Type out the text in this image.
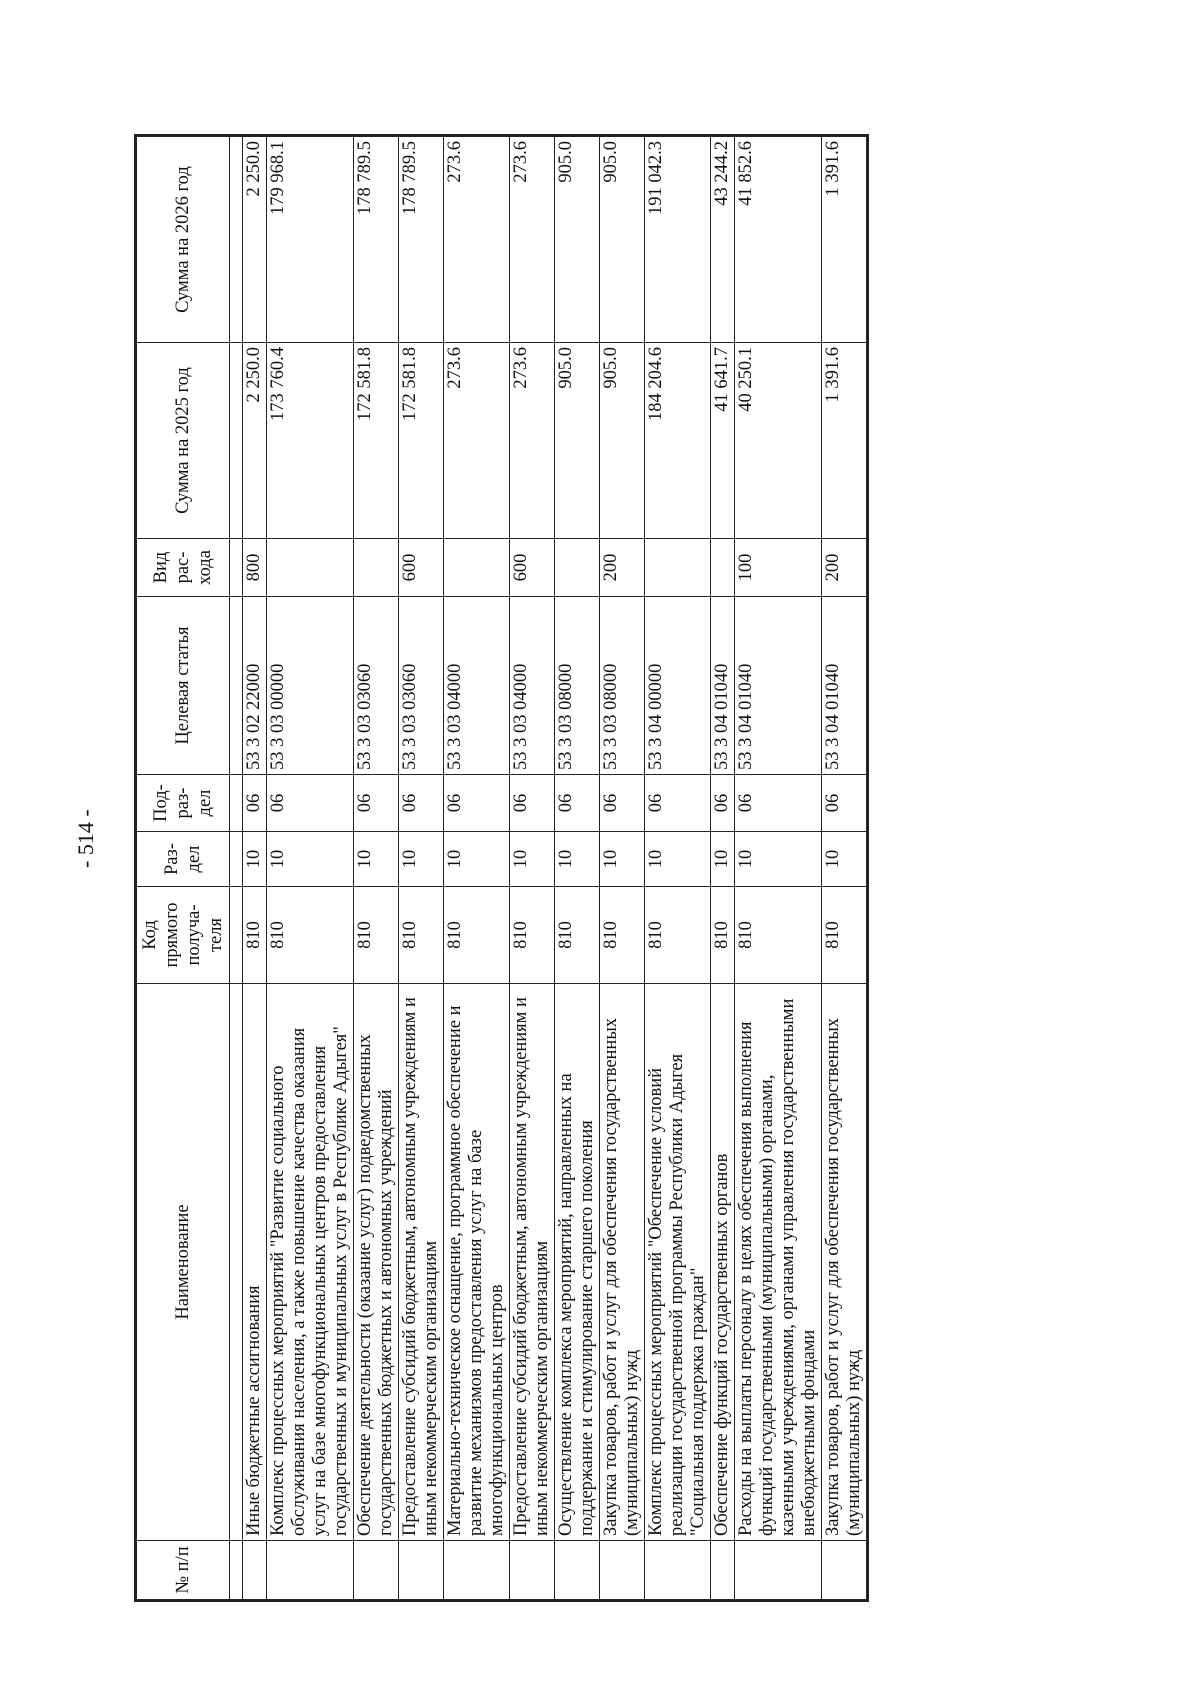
- 514 -
№ п/п	Наименование	Код прямого получа-теля	Раз-дел	Под-раз-дел	Целевая статья	Вид рас-хода	Сумма на 2025 год	Сумма на 2026 год

	Иные бюджетные ассигнования	810	10	06	53 3 02 22000	800	2 250.0	2 250.0
	Комплекс процессных мероприятий "Развитие социального обслуживания населения, а также повышение качества оказания услуг на базе многофункциональных центров предоставления государственных и муниципальных услуг в Республике Адыгея"	810	10	06	53 3 03 00000		173 760.4	179 968.1
	Обеспечение деятельности (оказание услуг) подведомственных государственных бюджетных и автономных учреждений	810	10	06	53 3 03 03060		172 581.8	178 789.5
	Предоставление субсидий бюджетным, автономным учреждениям и иным некоммерческим организациям	810	10	06	53 3 03 03060	600	172 581.8	178 789.5
	Материально-техническое оснащение, программное обеспечение и развитие механизмов предоставления услуг на базе многофункциональных центров	810	10	06	53 3 03 04000		273.6	273.6
	Предоставление субсидий бюджетным, автономным учреждениям и иным некоммерческим организациям	810	10	06	53 3 03 04000	600	273.6	273.6
	Осуществление комплекса мероприятий, направленных на поддержание и стимулирование старшего поколения	810	10	06	53 3 03 08000		905.0	905.0
	Закупка товаров, работ и услуг для обеспечения государственных (муниципальных) нужд	810	10	06	53 3 03 08000	200	905.0	905.0
	Комплекс процессных мероприятий "Обеспечение условий реализации государственной программы Республики Адыгея "Социальная поддержка граждан"	810	10	06	53 3 04 00000		184 204.6	191 042.3
	Обеспечение функций государственных органов	810	10	06	53 3 04 01040		41 641.7	43 244.2
	Расходы на выплаты персоналу в целях обеспечения выполнения функций государственными (муниципальными) органами, казенными учреждениями, органами управления государственными внебюджетными фондами	810	10	06	53 3 04 01040	100	40 250.1	41 852.6
	Закупка товаров, работ и услуг для обеспечения государственных (муниципальных) нужд	810	10	06	53 3 04 01040	200	1 391.6	1 391.6
